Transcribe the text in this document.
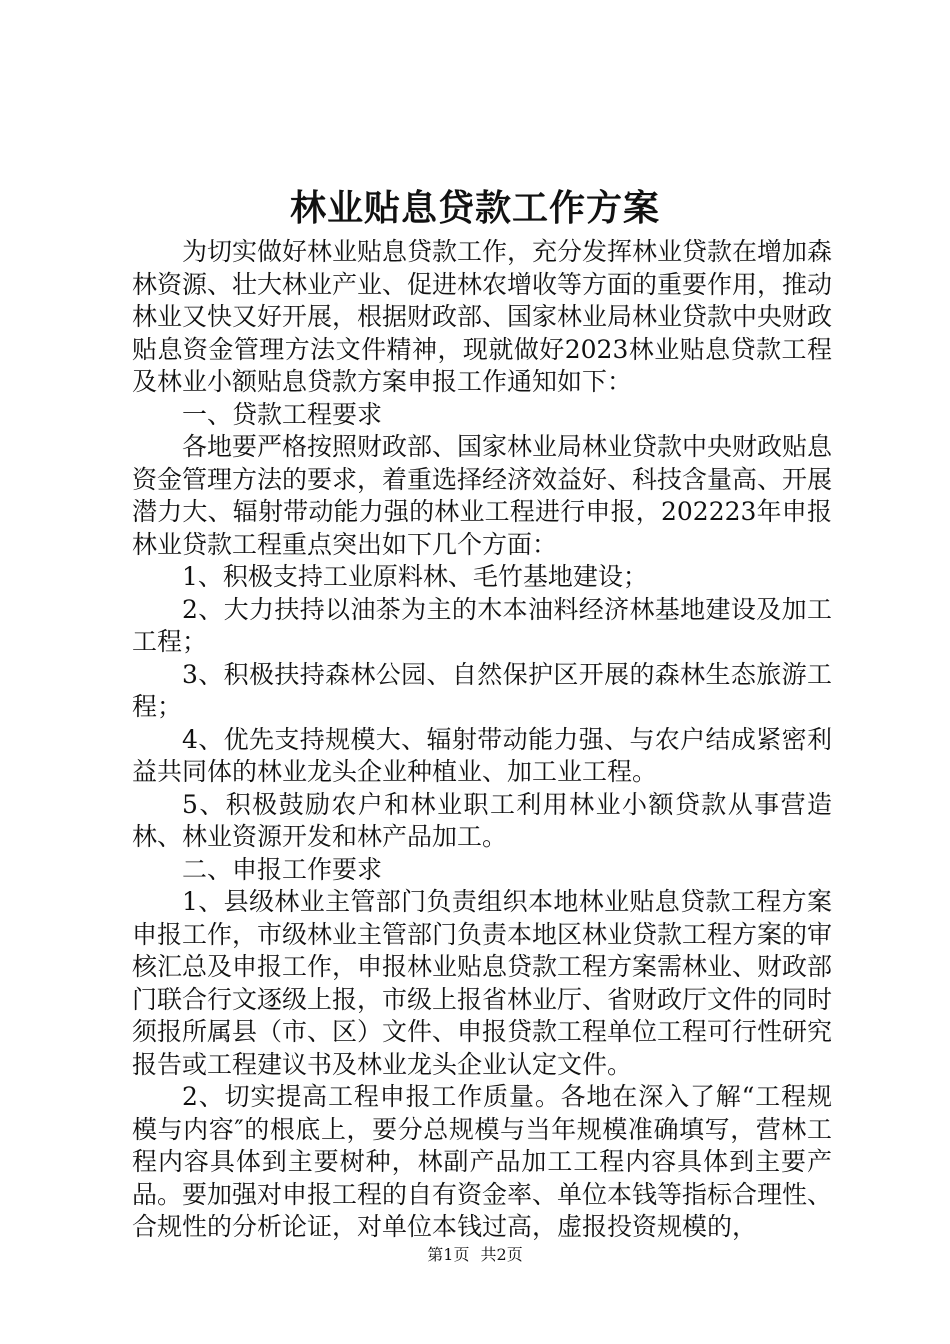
林业贴息贷款工作方案

为切实做好林业贴息贷款工作，充分发挥林业贷款在增加森林资源、壮大林业产业、促进林农增收等方面的重要作用，推动林业又快又好开展，根据财政部、国家林业局林业贷款中央财政贴息资金管理方法文件精神，现就做好2023林业贴息贷款工程及林业小额贴息贷款方案申报工作通知如下：

一、贷款工程要求

各地要严格按照财政部、国家林业局林业贷款中央财政贴息资金管理方法的要求，着重选择经济效益好、科技含量高、开展潜力大、辐射带动能力强的林业工程进行申报，202223年申报林业贷款工程重点突出如下几个方面：

1、积极支持工业原料林、毛竹基地建设；

2、大力扶持以油茶为主的木本油料经济林基地建设及加工工程；

3、积极扶持森林公园、自然保护区开展的森林生态旅游工程；

4、优先支持规模大、辐射带动能力强、与农户结成紧密利益共同体的林业龙头企业种植业、加工业工程。

5、积极鼓励农户和林业职工利用林业小额贷款从事营造林、林业资源开发和林产品加工。

二、申报工作要求

1、县级林业主管部门负责组织本地林业贴息贷款工程方案申报工作，市级林业主管部门负责本地区林业贷款工程方案的审核汇总及申报工作，申报林业贴息贷款工程方案需林业、财政部门联合行文逐级上报，市级上报省林业厅、省财政厅文件的同时须报所属县（市、区）文件、申报贷款工程单位工程可行性研究报告或工程建议书及林业龙头企业认定文件。

2、切实提高工程申报工作质量。各地在深入了解“工程规模与内容″的根底上，要分总规模与当年规模准确填写，营林工程内容具体到主要树种，林副产品加工工程内容具体到主要产品。要加强对申报工程的自有资金率、单位本钱等指标合理性、合规性的分析论证，对单位本钱过高，虚报投资规模的，

第1页 共2页
